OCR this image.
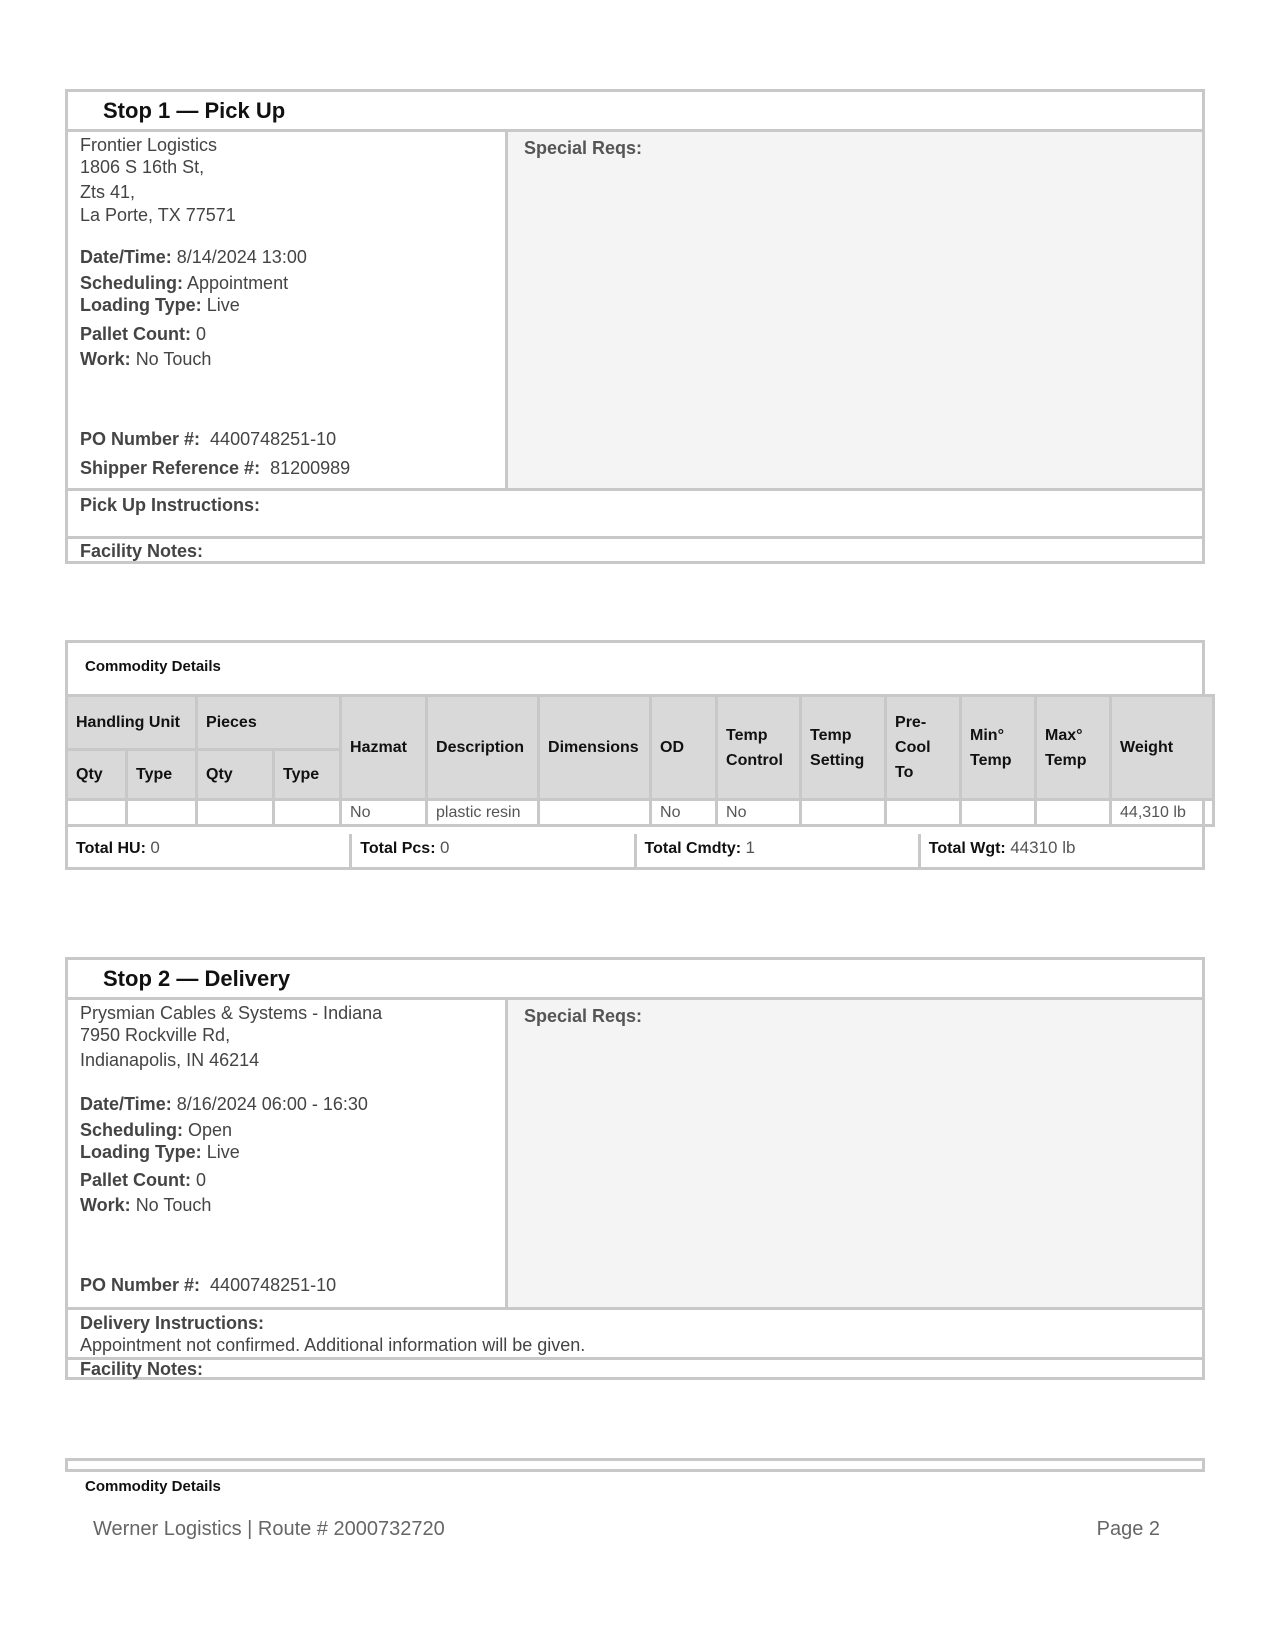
Stop 1 — Pick Up
Frontier Logistics
1806 S 16th St,
Zts 41,
La Porte, TX 77571
Date/Time: 8/14/2024 13:00
Scheduling: Appointment
Loading Type: Live
Pallet Count: 0
Work: No Touch
PO Number #: 4400748251-10
Shipper Reference #: 81200989
Special Reqs:
Pick Up Instructions:
Facility Notes:
Commodity Details
Handling Unit		Pieces		Hazmat	Description	Dimensions	OD	Temp Control	Temp Setting	Pre- Cool To	Min° Temp	Max° Temp	Weight
Qty	Type	Qty	Type										
				No	plastic resin		No	No					44,310 lb
Total HU: 0	Total Pcs: 0	Total Cmdty: 1	Total Wgt: 44310 lb
Stop 2 — Delivery
Prysmian Cables & Systems - Indiana
7950 Rockville Rd,
Indianapolis, IN 46214
Date/Time: 8/16/2024 06:00 - 16:30
Scheduling: Open
Loading Type: Live
Pallet Count: 0
Work: No Touch
PO Number #: 4400748251-10
Special Reqs:
Delivery Instructions:
Appointment not confirmed. Additional information will be given.
Facility Notes:
Commodity Details
Werner Logistics | Route # 2000732720	Page 2
